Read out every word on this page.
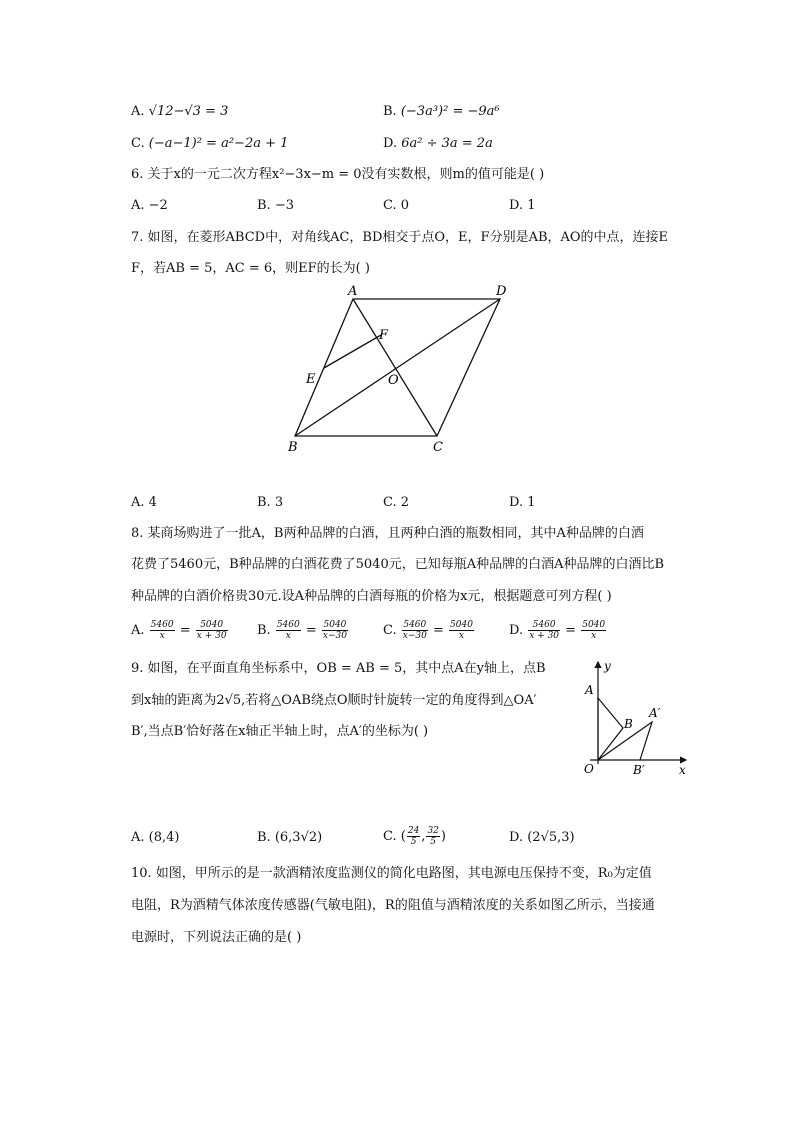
A. √12−√3 = 3	B. (−3a³)² = −9a⁶
C. (−a−1)² = a²−2a + 1	D. 6a² ÷ 3a = 2a
6. 关于x的一元二次方程x²−3x−m = 0没有实数根，则m的值可能是( )
A. −2	B. −3	C. 0	D. 1
7. 如图，在菱形ABCD中，对角线AC，BD相交于点O，E，F分别是AB，AO的中点，连接E
F，若AB = 5，AC = 6，则EF的长为( )
A	D
F
E	O
B	C
A. 4	B. 3	C. 2	D. 1
8. 某商场购进了一批A，B两种品牌的白酒，且两种白酒的瓶数相同，其中A种品牌的白酒
花费了5460元，B种品牌的白酒花费了5040元，已知每瓶A种品牌的白酒A种品牌的白酒比B
种品牌的白酒价格贵30元.设A种品牌的白酒每瓶的价格为x元，根据题意可列方程( )
A. $\frac{5460}{x} = \frac{5040}{x + 30} B$. $\frac{5460}{x} = \frac{5040}{x-30}$	C. $\frac{5460}{x-30} = \frac{5040}{x}$	D. $\frac{5460}{x + 30} = \frac{5040}{x}$
9. 如图，在平面直角坐标系中，OB = AB = 5，其中点A在y轴上，点B
到x轴的距离为2√5,若将△OAB绕点O顺时针旋转一定的角度得到△OA′
B′,当点B′恰好落在x轴正半轴上时，点A′的坐标为( )
y
A
B
A′
O	B′	x
A. (8,4)	B. (6,3√2)	C. ( $\frac{24}{5}$ , $\frac{32}{5}$ )	D. (2√5,3)
10. 如图，甲所示的是一款酒精浓度监测仪的简化电路图，其电源电压保持不变，R₀为定值
电阻，R为酒精气体浓度传感器(气敏电阻)，R的阻值与酒精浓度的关系如图乙所示，当接通
电源时，下列说法正确的是( )
